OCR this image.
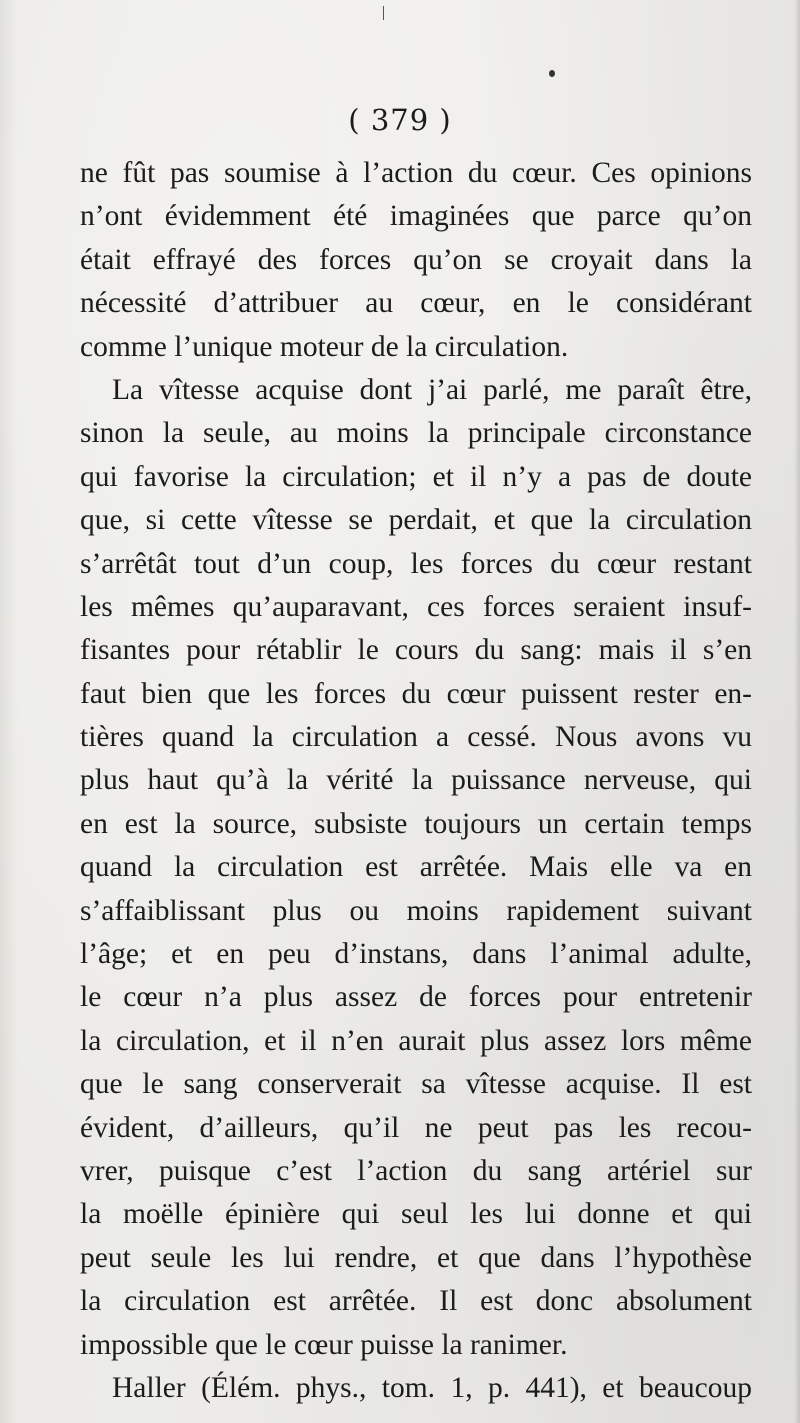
( 379 )
ne fût pas soumise à l’action du cœur. Ces opinions
n’ont évidemment été imaginées que parce qu’on
était effrayé des forces qu’on se croyait dans la
nécessité d’attribuer au cœur, en le considérant
comme l’unique moteur de la circulation.
La vîtesse acquise dont j’ai parlé, me paraît être,
sinon la seule, au moins la principale circonstance
qui favorise la circulation; et il n’y a pas de doute
que, si cette vîtesse se perdait, et que la circulation
s’arrêtât tout d’un coup, les forces du cœur restant
les mêmes qu’auparavant, ces forces seraient insuf-
fisantes pour rétablir le cours du sang: mais il s’en
faut bien que les forces du cœur puissent rester en-
tières quand la circulation a cessé. Nous avons vu
plus haut qu’à la vérité la puissance nerveuse, qui
en est la source, subsiste toujours un certain temps
quand la circulation est arrêtée. Mais elle va en
s’affaiblissant plus ou moins rapidement suivant
l’âge; et en peu d’instans, dans l’animal adulte,
le cœur n’a plus assez de forces pour entretenir
la circulation, et il n’en aurait plus assez lors même
que le sang conserverait sa vîtesse acquise. Il est
évident, d’ailleurs, qu’il ne peut pas les recou-
vrer, puisque c’est l’action du sang artériel sur
la moëlle épinière qui seul les lui donne et qui
peut seule les lui rendre, et que dans l’hypothèse
la circulation est arrêtée. Il est donc absolument
impossible que le cœur puisse la ranimer.
Haller (Élém. phys., tom. 1, p. 441), et beaucoup
